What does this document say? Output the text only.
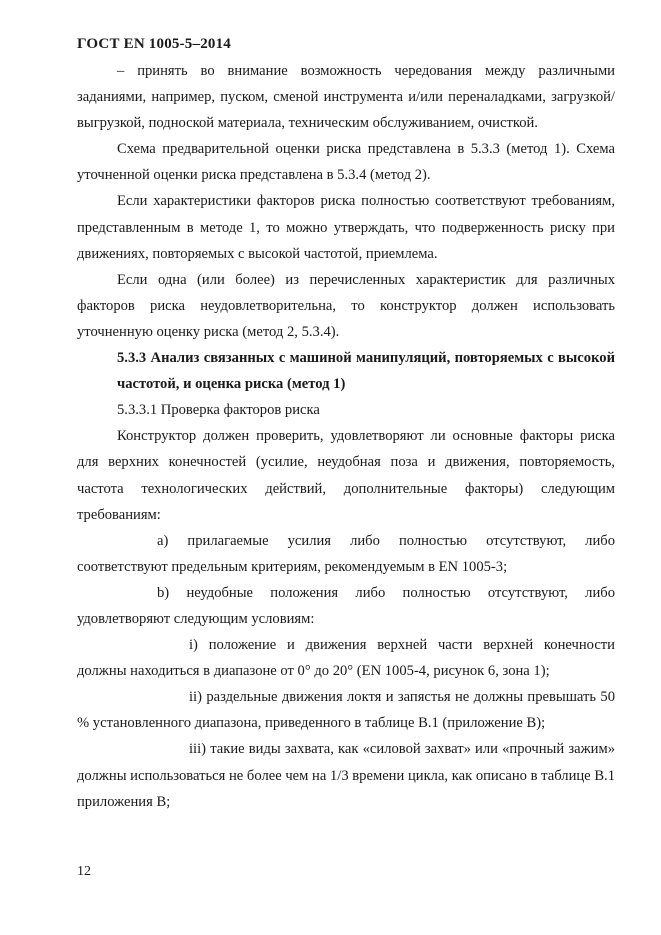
ГОСТ EN 1005-5–2014

– принять во внимание возможность чередования между различными заданиями, например, пуском, сменой инструмента и/или переналадками, загрузкой/выгрузкой, подноской материала, техническим обслуживанием, очисткой.

Схема предварительной оценки риска представлена в 5.3.3 (метод 1). Схема уточненной оценки риска представлена в 5.3.4 (метод 2).

Если характеристики факторов риска полностью соответствуют требованиям, представленным в методе 1, то можно утверждать, что подверженность риску при движениях, повторяемых с высокой частотой, приемлема.

Если одна (или более) из перечисленных характеристик для различных факторов риска неудовлетворительна, то конструктор должен использовать уточненную оценку риска (метод 2, 5.3.4).

5.3.3 Анализ связанных с машиной манипуляций, повторяемых с высокой частотой, и оценка риска (метод 1)

5.3.3.1 Проверка факторов риска

Конструктор должен проверить, удовлетворяют ли основные факторы риска для верхних конечностей (усилие, неудобная поза и движения, повторяемость, частота технологических действий, дополнительные факторы) следующим требованиям:

a) прилагаемые усилия либо полностью отсутствуют, либо соответствуют предельным критериям, рекомендуемым в EN 1005-3;

b) неудобные положения либо полностью отсутствуют, либо удовлетворяют следующим условиям:

i) положение и движения верхней части верхней конечности должны находиться в диапазоне от 0° до 20° (EN 1005-4, рисунок 6, зона 1);

ii) раздельные движения локтя и запястья не должны превышать 50 % установленного диапазона, приведенного в таблице B.1 (приложение B);

iii) такие виды захвата, как «силовой захват» или «прочный зажим» должны использоваться не более чем на 1/3 времени цикла, как описано в таблице B.1 приложения B;

12
